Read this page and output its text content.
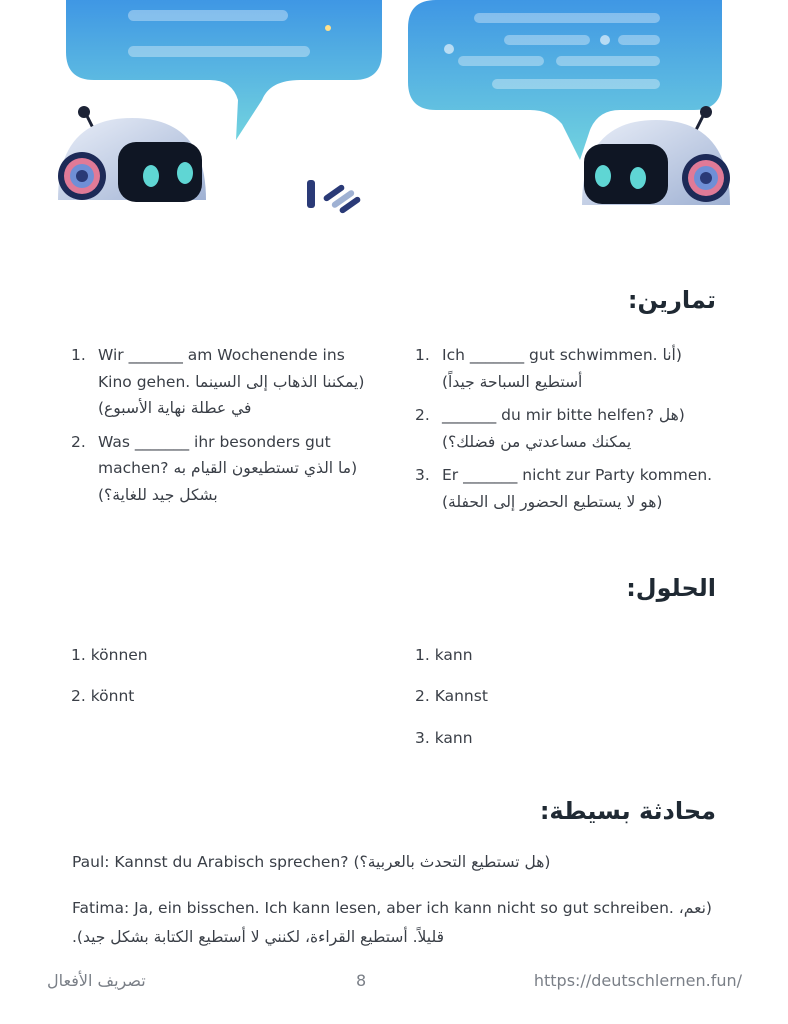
تمارين:
1. Ich _______ gut schwimmen. (أنا أستطيع السباحة جيداً)
2. _______ du mir bitte helfen? (هل يمكنك مساعدتي من فضلك؟)
3. Er _______ nicht zur Party kommen. (هو لا يستطيع الحضور إلى الحفلة)
1. Wir _______ am Wochenende ins Kino gehen. (يمكننا الذهاب إلى السينما في عطلة نهاية الأسبوع)
2. Was _______ ihr besonders gut machen? (ما الذي تستطيعون القيام به بشكل جيد للغاية؟)
الحلول:

1. kann

2. Kannst

3. kann

1. können

2. könnt

محادثة بسيطة:

Paul: Kannst du Arabisch sprechen? (هل تستطيع التحدث بالعربية؟)

Fatima: Ja, ein bisschen. Ich kann lesen, aber ich kann nicht so gut schreiben. (نعم، قليلاً. أستطيع القراءة، لكنني لا أستطيع الكتابة بشكل جيد).

https://deutschlernen.fun/

8

تصريف الأفعال
